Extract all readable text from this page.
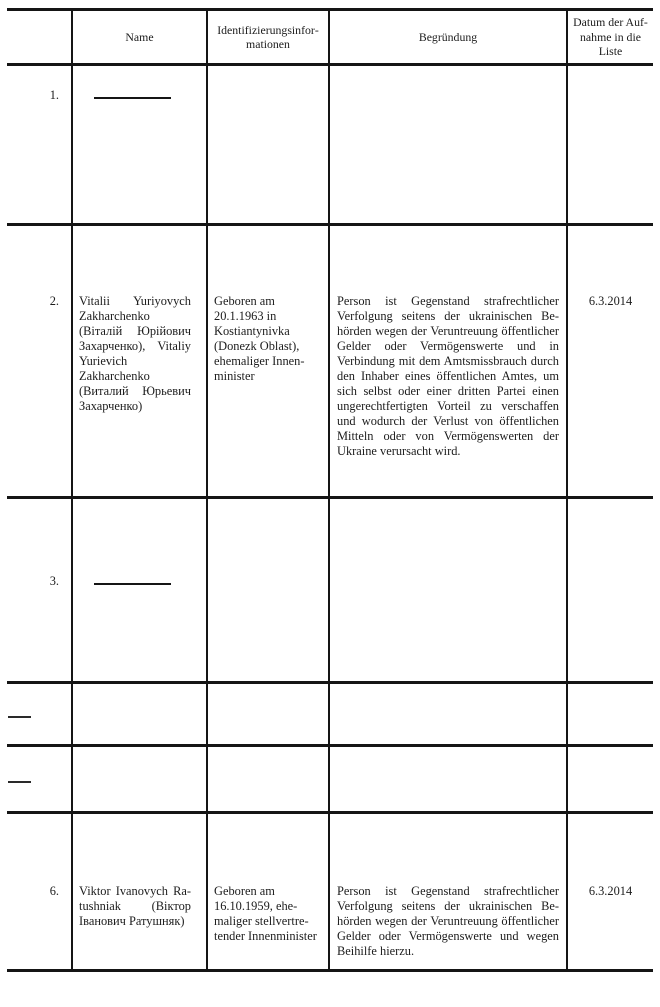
	Name	Identifizierungsinformationen	Begründung	Datum der Aufnahme in die Liste
1.	

2.	Vitalii Yuriyovych Zakharchenko (Віталій Юрійович Захарченко), Vitaliy Yurievich Zakharchenko (Виталий Юрьевич Захарченко)	Geboren am 20.1.1963 in Kostiantynivka (Donezk Oblast), ehemaliger Innenminister	Person ist Gegenstand strafrechtlicher Verfolgung seitens der ukrainischen Behörden wegen der Veruntreuung öffentlicher Gelder oder Vermögenswerte und in Verbindung mit dem Amtsmissbrauch durch den Inhaber eines öffentlichen Amtes, um sich selbst oder einer dritten Partei einen ungerechtfertigten Vorteil zu verschaffen und wodurch der Verlust von öffentlichen Mitteln oder von Vermögenswerten der Ukraine verursacht wird.	6.3.2014
3.	

6.	Viktor Ivanovych Ratushniak (Віктор Іванович Ратушняк)	Geboren am 16.10.1959, ehemaliger stellvertretender Innenminister	Person ist Gegenstand strafrechtlicher Verfolgung seitens der ukrainischen Behörden wegen der Veruntreuung öffentlicher Gelder oder Vermögenswerte und wegen Beihilfe hierzu.	6.3.2014
